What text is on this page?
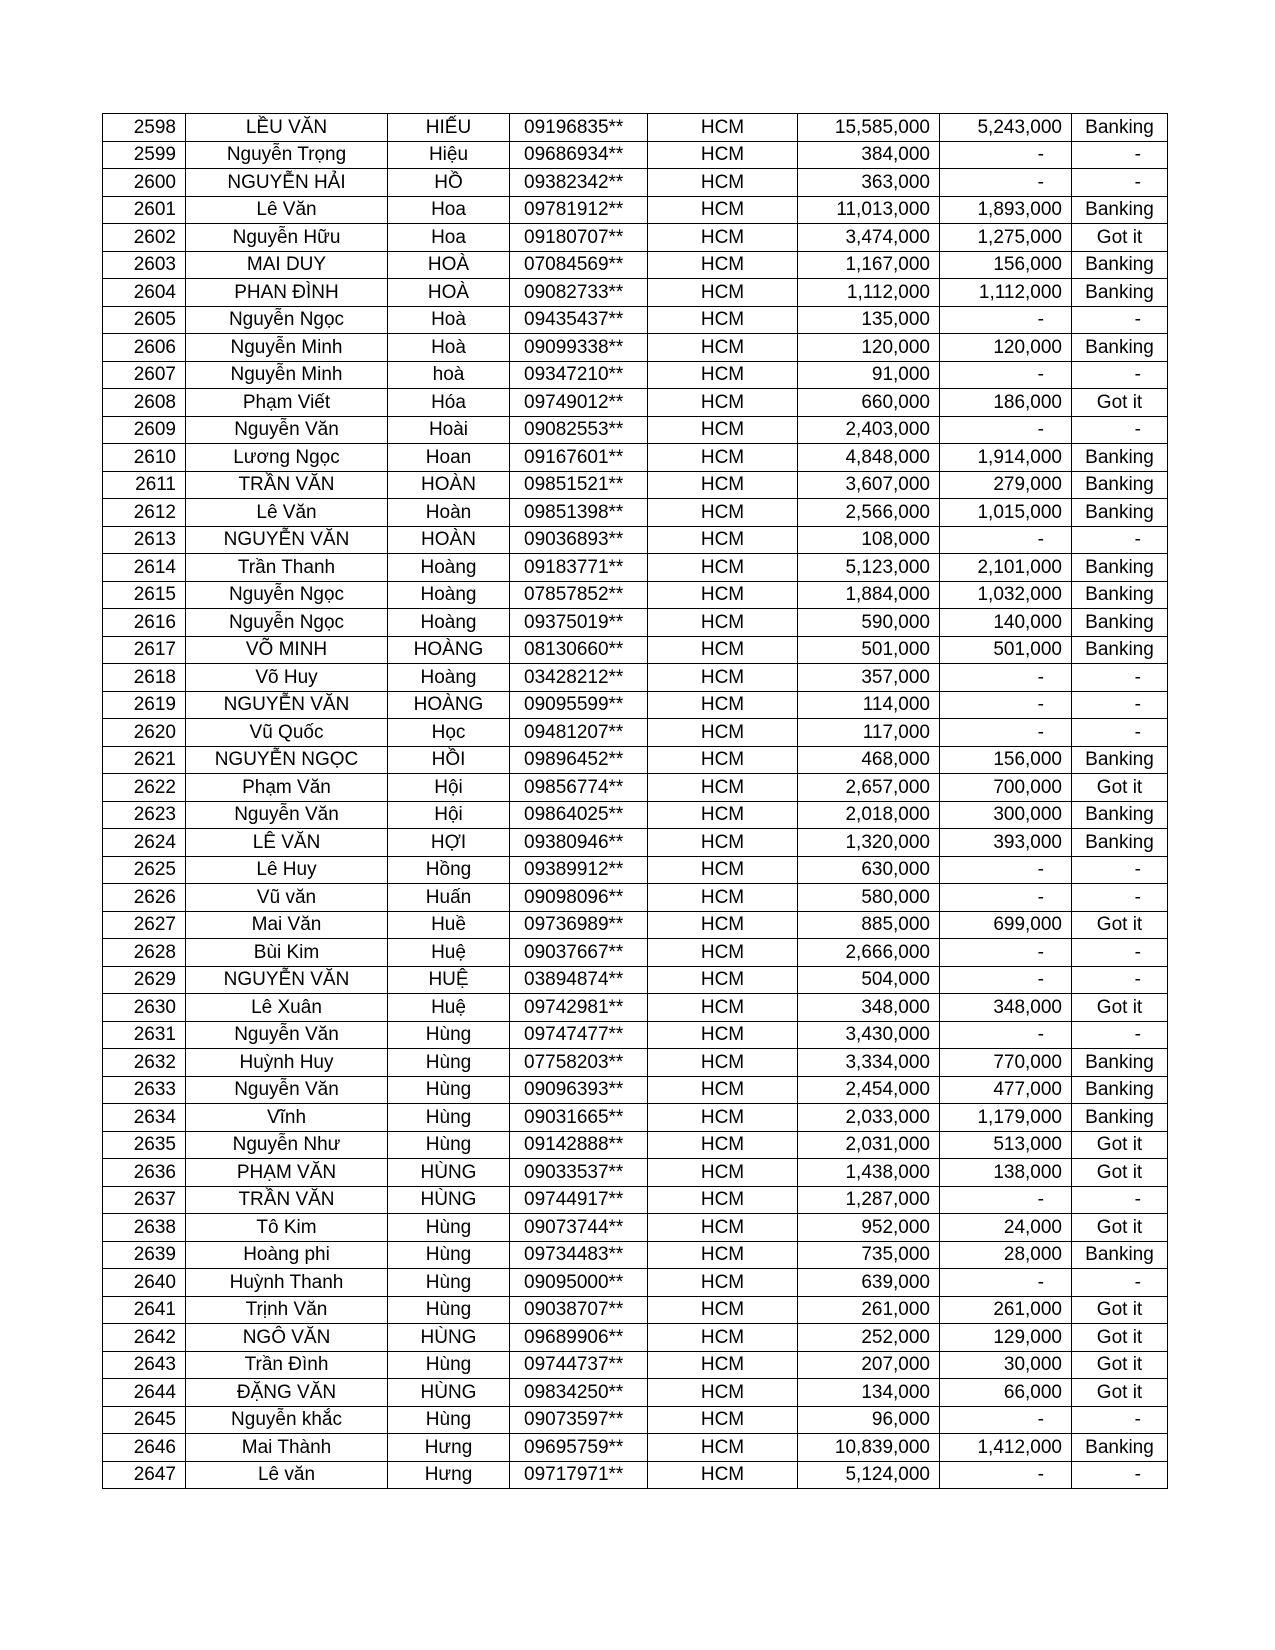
2598	LỀU VĂN	HIẾU	09196835**	HCM	15,585,000	5,243,000	Banking
2599	Nguyễn Trọng	Hiệu	09686934**	HCM	384,000	-	-
2600	NGUYỄN HẢI	HỒ	09382342**	HCM	363,000	-	-
2601	Lê Văn	Hoa	09781912**	HCM	11,013,000	1,893,000	Banking
2602	Nguyễn Hữu	Hoa	09180707**	HCM	3,474,000	1,275,000	Got it
2603	MAI DUY	HOÀ	07084569**	HCM	1,167,000	156,000	Banking
2604	PHAN ĐÌNH	HOÀ	09082733**	HCM	1,112,000	1,112,000	Banking
2605	Nguyễn Ngọc	Hoà	09435437**	HCM	135,000	-	-
2606	Nguyễn Minh	Hoà	09099338**	HCM	120,000	120,000	Banking
2607	Nguyễn Minh	hoà	09347210**	HCM	91,000	-	-
2608	Phạm Viết	Hóa	09749012**	HCM	660,000	186,000	Got it
2609	Nguyễn Văn	Hoài	09082553**	HCM	2,403,000	-	-
2610	Lương Ngọc	Hoan	09167601**	HCM	4,848,000	1,914,000	Banking
2611	TRẦN VĂN	HOÀN	09851521**	HCM	3,607,000	279,000	Banking
2612	Lê Văn	Hoàn	09851398**	HCM	2,566,000	1,015,000	Banking
2613	NGUYỄN VĂN	HOÀN	09036893**	HCM	108,000	-	-
2614	Trần Thanh	Hoàng	09183771**	HCM	5,123,000	2,101,000	Banking
2615	Nguyễn Ngọc	Hoàng	07857852**	HCM	1,884,000	1,032,000	Banking
2616	Nguyễn Ngọc	Hoàng	09375019**	HCM	590,000	140,000	Banking
2617	VÕ MINH	HOÀNG	08130660**	HCM	501,000	501,000	Banking
2618	Võ Huy	Hoàng	03428212**	HCM	357,000	-	-
2619	NGUYỄN VĂN	HOÀNG	09095599**	HCM	114,000	-	-
2620	Vũ Quốc	Học	09481207**	HCM	117,000	-	-
2621	NGUYỄN NGỌC	HỒI	09896452**	HCM	468,000	156,000	Banking
2622	Phạm Văn	Hội	09856774**	HCM	2,657,000	700,000	Got it
2623	Nguyễn Văn	Hội	09864025**	HCM	2,018,000	300,000	Banking
2624	LÊ VĂN	HỢI	09380946**	HCM	1,320,000	393,000	Banking
2625	Lê Huy	Hồng	09389912**	HCM	630,000	-	-
2626	Vũ văn	Huấn	09098096**	HCM	580,000	-	-
2627	Mai Văn	Huề	09736989**	HCM	885,000	699,000	Got it
2628	Bùi Kim	Huệ	09037667**	HCM	2,666,000	-	-
2629	NGUYỄN VĂN	HUỆ	03894874**	HCM	504,000	-	-
2630	Lê Xuân	Huệ	09742981**	HCM	348,000	348,000	Got it
2631	Nguyễn Văn	Hùng	09747477**	HCM	3,430,000	-	-
2632	Huỳnh Huy	Hùng	07758203**	HCM	3,334,000	770,000	Banking
2633	Nguyễn Văn	Hùng	09096393**	HCM	2,454,000	477,000	Banking
2634	Vĩnh	Hùng	09031665**	HCM	2,033,000	1,179,000	Banking
2635	Nguyễn Như	Hùng	09142888**	HCM	2,031,000	513,000	Got it
2636	PHẠM VĂN	HÙNG	09033537**	HCM	1,438,000	138,000	Got it
2637	TRẦN VĂN	HÙNG	09744917**	HCM	1,287,000	-	-
2638	Tô Kim	Hùng	09073744**	HCM	952,000	24,000	Got it
2639	Hoàng phi	Hùng	09734483**	HCM	735,000	28,000	Banking
2640	Huỳnh Thanh	Hùng	09095000**	HCM	639,000	-	-
2641	Trịnh Văn	Hùng	09038707**	HCM	261,000	261,000	Got it
2642	NGÔ VĂN	HÙNG	09689906**	HCM	252,000	129,000	Got it
2643	Trần Đình	Hùng	09744737**	HCM	207,000	30,000	Got it
2644	ĐẶNG VĂN	HÙNG	09834250**	HCM	134,000	66,000	Got it
2645	Nguyễn khắc	Hùng	09073597**	HCM	96,000	-	-
2646	Mai Thành	Hưng	09695759**	HCM	10,839,000	1,412,000	Banking
2647	Lê văn	Hưng	09717971**	HCM	5,124,000	-	-
